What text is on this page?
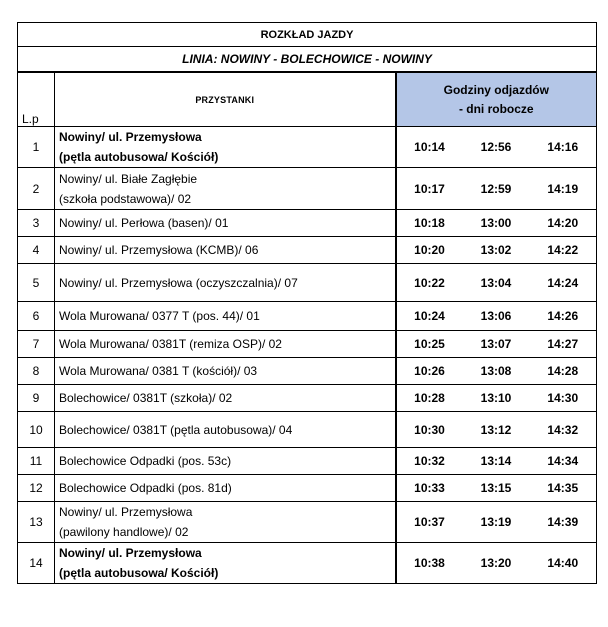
ROZKŁAD JAZDY				
LINIA: NOWINY - BOLECHOWICE - NOWINY				
L.p	PRZYSTANKI	Godziny odjazdów
- dni robocze		

1	Nowiny/ ul. Przemysłowa
(pętla autobusowa/ Kościół)	10:14	12:56	14:16
2	Nowiny/ ul. Białe Zagłębie
(szkoła podstawowa)/ 02	10:17	12:59	14:19
3	Nowiny/ ul. Perłowa (basen)/ 01	10:18	13:00	14:20
4	Nowiny/ ul. Przemysłowa (KCMB)/ 06	10:20	13:02	14:22
5	Nowiny/ ul. Przemysłowa (oczyszczalnia)/ 07	10:22	13:04	14:24
6	Wola Murowana/ 0377 T (pos. 44)/ 01	10:24	13:06	14:26
7	Wola Murowana/ 0381T (remiza OSP)/ 02	10:25	13:07	14:27
8	Wola Murowana/ 0381 T (kościół)/ 03	10:26	13:08	14:28
9	Bolechowice/ 0381T (szkoła)/ 02	10:28	13:10	14:30
10	Bolechowice/ 0381T (pętla autobusowa)/ 04	10:30	13:12	14:32
11	Bolechowice Odpadki (pos. 53c)	10:32	13:14	14:34
12	Bolechowice Odpadki (pos. 81d)	10:33	13:15	14:35
13	Nowiny/ ul. Przemysłowa
(pawilony handlowe)/ 02	10:37	13:19	14:39
14	Nowiny/ ul. Przemysłowa
(pętla autobusowa/ Kościół)	10:38	13:20	14:40
